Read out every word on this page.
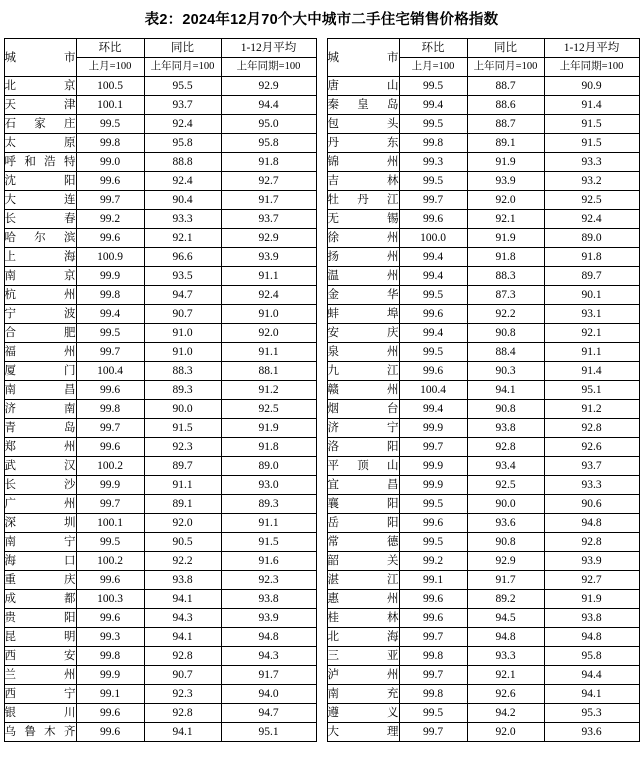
表2：2024年12月70个大中城市二手住宅销售价格指数
城 市	环比	同比	1-12月平均		城 市	环比	同比	1-12月平均
	上月=100	上年同月=100	上年同期=100			上月=100	上年同月=100	上年同期=100
北　　京	100.5	95.5	92.9		唐　　山	99.5	88.7	90.9
天　　津	100.1	93.7	94.4		秦 皇 岛	99.4	88.6	91.4
石 家 庄	99.5	92.4	95.0		包　　头	99.5	88.7	91.5
太　　原	99.8	95.8	95.8		丹　　东	99.8	89.1	91.5
呼和浩特	99.0	88.8	91.8		锦　　州	99.3	91.9	93.3
沈　　阳	99.6	92.4	92.7		吉　　林	99.5	93.9	93.2
大　　连	99.7	90.4	91.7		牡 丹 江	99.7	92.0	92.5
长　　春	99.2	93.3	93.7		无　　锡	99.6	92.1	92.4
哈 尔 滨	99.6	92.1	92.9		徐　　州	100.0	91.9	89.0
上　　海	100.9	96.6	93.9		扬　　州	99.4	91.8	91.8
南　　京	99.9	93.5	91.1		温　　州	99.4	88.3	89.7
杭　　州	99.8	94.7	92.4		金　　华	99.5	87.3	90.1
宁　　波	99.4	90.7	91.0		蚌　　埠	99.6	92.2	93.1
合　　肥	99.5	91.0	92.0		安　　庆	99.4	90.8	92.1
福　　州	99.7	91.0	91.1		泉　　州	99.5	88.4	91.1
厦　　门	100.4	88.3	88.1		九　　江	99.6	90.3	91.4
南　　昌	99.6	89.3	91.2		赣　　州	100.4	94.1	95.1
济　　南	99.8	90.0	92.5		烟　　台	99.4	90.8	91.2
青　　岛	99.7	91.5	91.9		济　　宁	99.9	93.8	92.8
郑　　州	99.6	92.3	91.8		洛　　阳	99.7	92.8	92.6
武　　汉	100.2	89.7	89.0		平 顶 山	99.9	93.4	93.7
长　　沙	99.9	91.1	93.0		宜　　昌	99.9	92.5	93.3
广　　州	99.7	89.1	89.3		襄　　阳	99.5	90.0	90.6
深　　圳	100.1	92.0	91.1		岳　　阳	99.6	93.6	94.8
南　　宁	99.5	90.5	91.5		常　　德	99.5	90.8	92.8
海　　口	100.2	92.2	91.6		韶　　关	99.2	92.9	93.9
重　　庆	99.6	93.8	92.3		湛　　江	99.1	91.7	92.7
成　　都	100.3	94.1	93.8		惠　　州	99.6	89.2	91.9
贵　　阳	99.6	94.3	93.9		桂　　林	99.6	94.5	93.8
昆　　明	99.3	94.1	94.8		北　　海	99.7	94.8	94.8
西　　安	99.8	92.8	94.3		三　　亚	99.8	93.3	95.8
兰　　州	99.9	90.7	91.7		泸　　州	99.7	92.1	94.4
西　　宁	99.1	92.3	94.0		南　　充	99.8	92.6	94.1
银　　川	99.6	92.8	94.7		遵　　义	99.5	94.2	95.3
乌鲁木齐	99.6	94.1	95.1		大　　理	99.7	92.0	93.6
